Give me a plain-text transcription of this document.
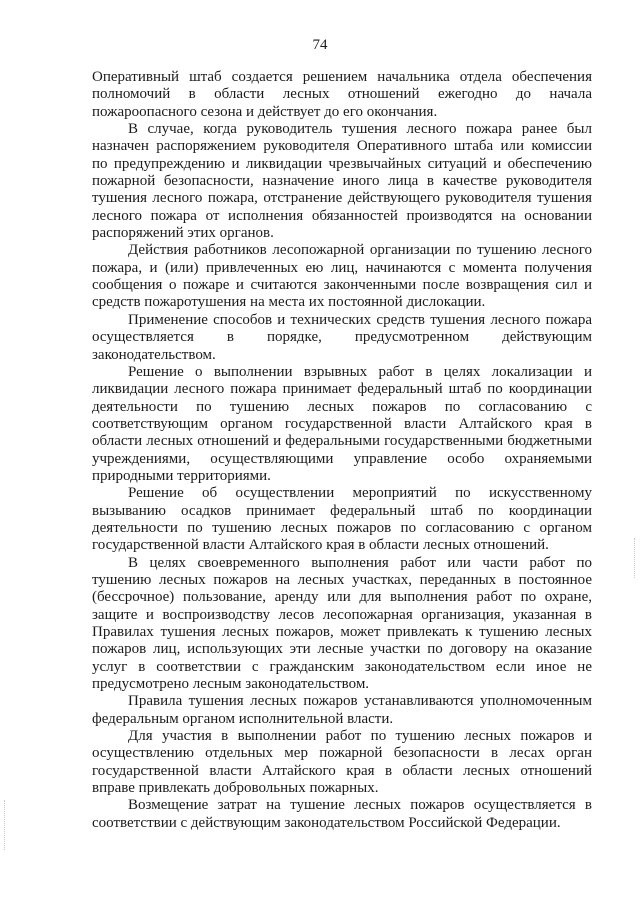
74
Оперативный штаб создается решением начальника отдела обеспечения
полномочий в области лесных отношений ежегодно до начала
пожароопасного сезона и действует до его окончания.
В случае, когда руководитель тушения лесного пожара ранее был
назначен распоряжением руководителя Оперативного штаба или комиссии
по предупреждению и ликвидации чрезвычайных ситуаций и обеспечению
пожарной безопасности, назначение иного лица в качестве руководителя
тушения лесного пожара, отстранение действующего руководителя тушения
лесного пожара от исполнения обязанностей производятся на основании
распоряжений этих органов.
Действия работников лесопожарной организации по тушению лесного
пожара, и (или) привлеченных ею лиц, начинаются с момента получения
сообщения о пожаре и считаются законченными после возвращения сил и
средств пожаротушения на места их постоянной дислокации.
Применение способов и технических средств тушения лесного пожара
осуществляется в порядке, предусмотренном действующим
законодательством.
Решение о выполнении взрывных работ в целях локализации и
ликвидации лесного пожара принимает федеральный штаб по координации
деятельности по тушению лесных пожаров по согласованию с
соответствующим органом государственной власти Алтайского края в
области лесных отношений и федеральными государственными бюджетными
учреждениями, осуществляющими управление особо охраняемыми
природными территориями.
Решение об осуществлении мероприятий по искусственному
вызыванию осадков принимает федеральный штаб по координации
деятельности по тушению лесных пожаров по согласованию с органом
государственной власти Алтайского края в области лесных отношений.
В целях своевременного выполнения работ или части работ по
тушению лесных пожаров на лесных участках, переданных в постоянное
(бессрочное) пользование, аренду или для выполнения работ по охране,
защите и воспроизводству лесов лесопожарная организация, указанная в
Правилах тушения лесных пожаров, может привлекать к тушению лесных
пожаров лиц, использующих эти лесные участки по договору на оказание
услуг в соответствии с гражданским законодательством если иное не
предусмотрено лесным законодательством.
Правила тушения лесных пожаров устанавливаются уполномоченным
федеральным органом исполнительной власти.
Для участия в выполнении работ по тушению лесных пожаров и
осуществлению отдельных мер пожарной безопасности в лесах орган
государственной власти Алтайского края в области лесных отношений
вправе привлекать добровольных пожарных.
Возмещение затрат на тушение лесных пожаров осуществляется в
соответствии с действующим законодательством Российской Федерации.
